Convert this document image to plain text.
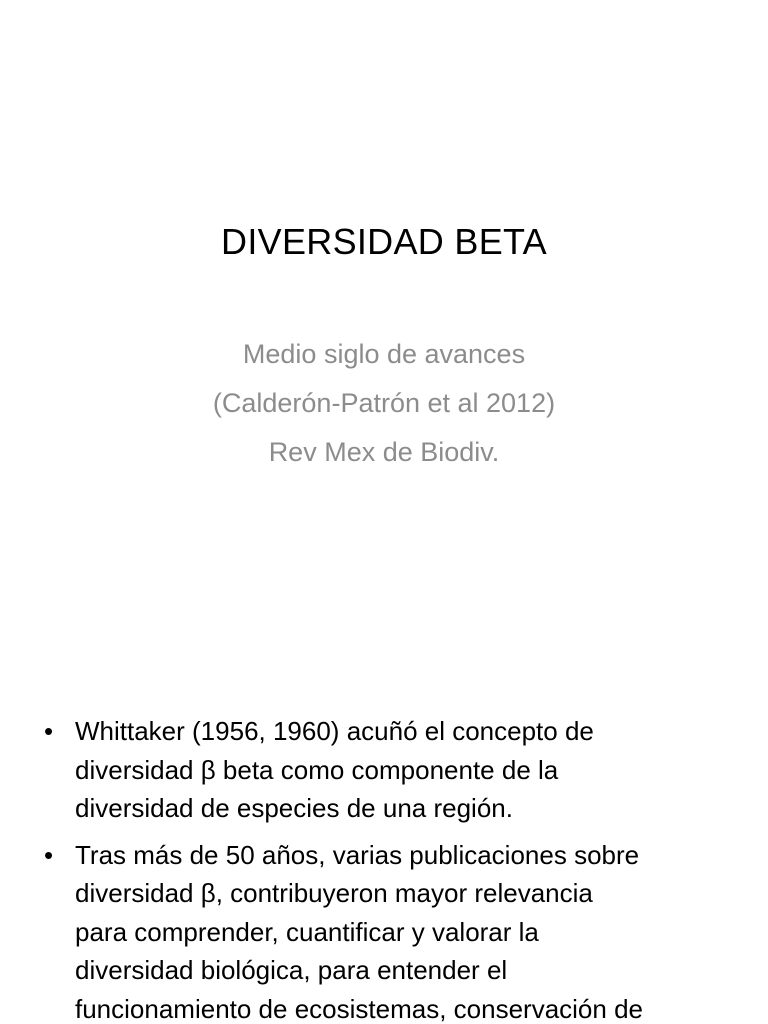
DIVERSIDAD BETA
Medio siglo de avances
(Calderón-Patrón et al 2012)
Rev Mex de Biodiv.
• Whittaker (1956, 1960) acuñó el concepto de
diversidad β beta como componente de la
diversidad de especies de una región.
• Tras más de 50 años, varias publicaciones sobre
diversidad β, contribuyeron mayor relevancia
para comprender, cuantificar y valorar la
diversidad biológica, para entender el
funcionamiento de ecosistemas, conservación de
